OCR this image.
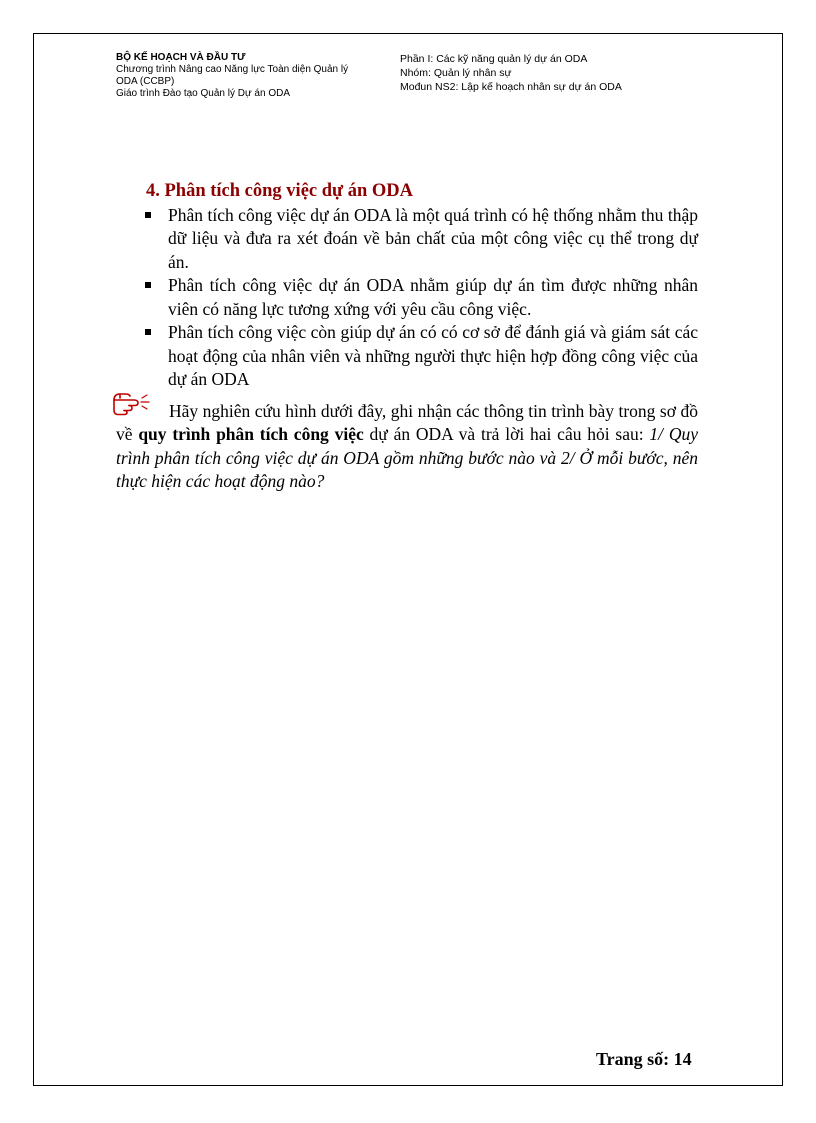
BỘ KẾ HOẠCH VÀ ĐẦU TƯ
Chương trình Nâng cao Năng lực Toàn diện Quản lý
ODA (CCBP)
Giáo trình Đào tạo Quản lý Dự án ODA
Phần I: Các kỹ năng quản lý dự án ODA
Nhóm: Quản lý nhân sự
Mođun NS2: Lập kế hoạch nhân sự dự án ODA
4. Phân tích công việc dự án ODA
Phân tích công việc dự án ODA là một quá trình có hệ thống nhằm thu thập dữ liệu và đưa ra xét đoán về bản chất của một công việc cụ thể trong dự án.
Phân tích công việc dự án ODA nhằm giúp dự án tìm được những nhân viên có năng lực tương xứng với yêu cầu công việc.
Phân tích công việc còn giúp dự án có có cơ sở để đánh giá và giám sát các hoạt động của nhân viên và những người thực hiện hợp đồng công việc của dự án ODA
Hãy nghiên cứu hình dưới đây, ghi nhận các thông tin trình bày trong sơ đồ về quy trình phân tích công việc dự án ODA và trả lời hai câu hỏi sau: 1/ Quy trình phân tích công việc dự án ODA gồm những bước nào và 2/ Ở mỗi bước, nên thực hiện các hoạt động nào?
Trang số: 14
